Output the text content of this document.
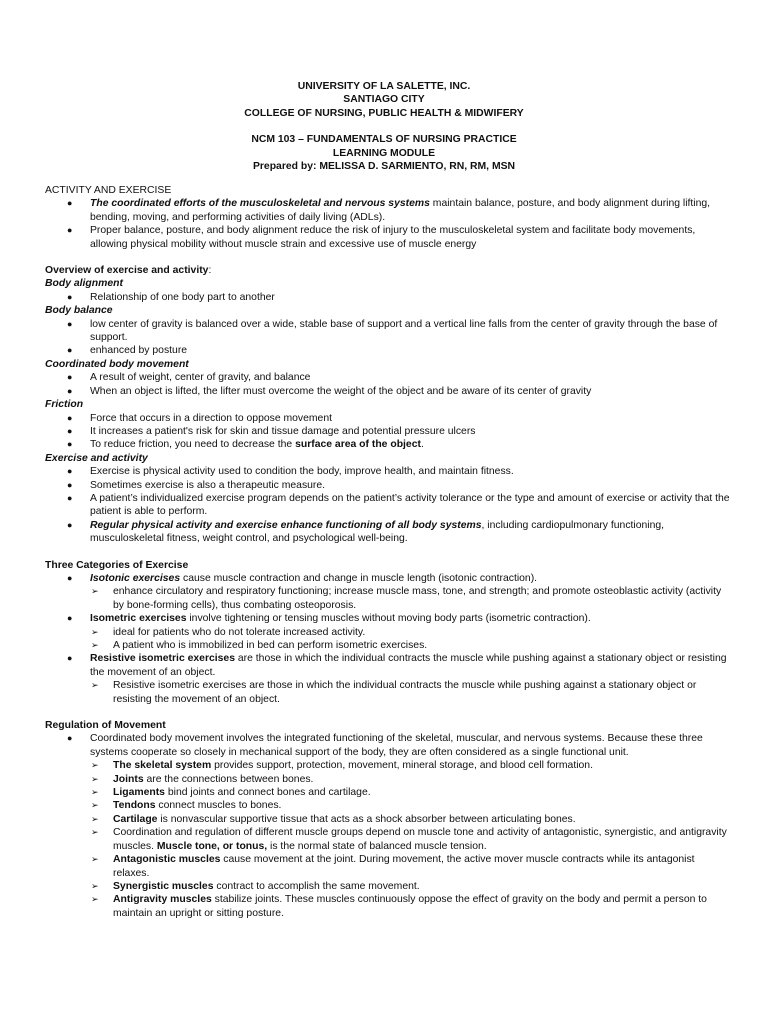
UNIVERSITY OF LA SALETTE, INC.
SANTIAGO CITY
COLLEGE OF NURSING, PUBLIC HEALTH & MIDWIFERY
NCM 103 – FUNDAMENTALS OF NURSING PRACTICE
LEARNING MODULE
Prepared by: MELISSA D. SARMIENTO, RN, RM, MSN
ACTIVITY AND EXERCISE
● The coordinated efforts of the musculoskeletal and nervous systems maintain balance, posture, and body alignment during lifting, bending, moving, and performing activities of daily living (ADLs).
● Proper balance, posture, and body alignment reduce the risk of injury to the musculoskeletal system and facilitate body movements, allowing physical mobility without muscle strain and excessive use of muscle energy
Overview of exercise and activity:
Body alignment
● Relationship of one body part to another
Body balance
● low center of gravity is balanced over a wide, stable base of support and a vertical line falls from the center of gravity through the base of support.
● enhanced by posture
Coordinated body movement
● A result of weight, center of gravity, and balance
● When an object is lifted, the lifter must overcome the weight of the object and be aware of its center of gravity
Friction
● Force that occurs in a direction to oppose movement
● It increases a patient's risk for skin and tissue damage and potential pressure ulcers
● To reduce friction, you need to decrease the surface area of the object.
Exercise and activity
● Exercise is physical activity used to condition the body, improve health, and maintain fitness.
● Sometimes exercise is also a therapeutic measure.
● A patient’s individualized exercise program depends on the patient’s activity tolerance or the type and amount of exercise or activity that the patient is able to perform.
● Regular physical activity and exercise enhance functioning of all body systems, including cardiopulmonary functioning, musculoskeletal fitness, weight control, and psychological well-being.
Three Categories of Exercise
● Isotonic exercises cause muscle contraction and change in muscle length (isotonic contraction).
➢ enhance circulatory and respiratory functioning; increase muscle mass, tone, and strength; and promote osteoblastic activity (activity by bone-forming cells), thus combating osteoporosis.
● Isometric exercises involve tightening or tensing muscles without moving body parts (isometric contraction).
➢ ideal for patients who do not tolerate increased activity.
➢ A patient who is immobilized in bed can perform isometric exercises.
● Resistive isometric exercises are those in which the individual contracts the muscle while pushing against a stationary object or resisting the movement of an object.
➢ Resistive isometric exercises are those in which the individual contracts the muscle while pushing against a stationary object or resisting the movement of an object.
Regulation of Movement
● Coordinated body movement involves the integrated functioning of the skeletal, muscular, and nervous systems. Because these three systems cooperate so closely in mechanical support of the body, they are often considered as a single functional unit.
➢ The skeletal system provides support, protection, movement, mineral storage, and blood cell formation.
➢ Joints are the connections between bones.
➢ Ligaments bind joints and connect bones and cartilage.
➢ Tendons connect muscles to bones.
➢ Cartilage is nonvascular supportive tissue that acts as a shock absorber between articulating bones.
➢ Coordination and regulation of different muscle groups depend on muscle tone and activity of antagonistic, synergistic, and antigravity muscles. Muscle tone, or tonus, is the normal state of balanced muscle tension.
➢ Antagonistic muscles cause movement at the joint. During movement, the active mover muscle contracts while its antagonist relaxes.
➢ Synergistic muscles contract to accomplish the same movement.
➢ Antigravity muscles stabilize joints. These muscles continuously oppose the effect of gravity on the body and permit a person to maintain an upright or sitting posture.
